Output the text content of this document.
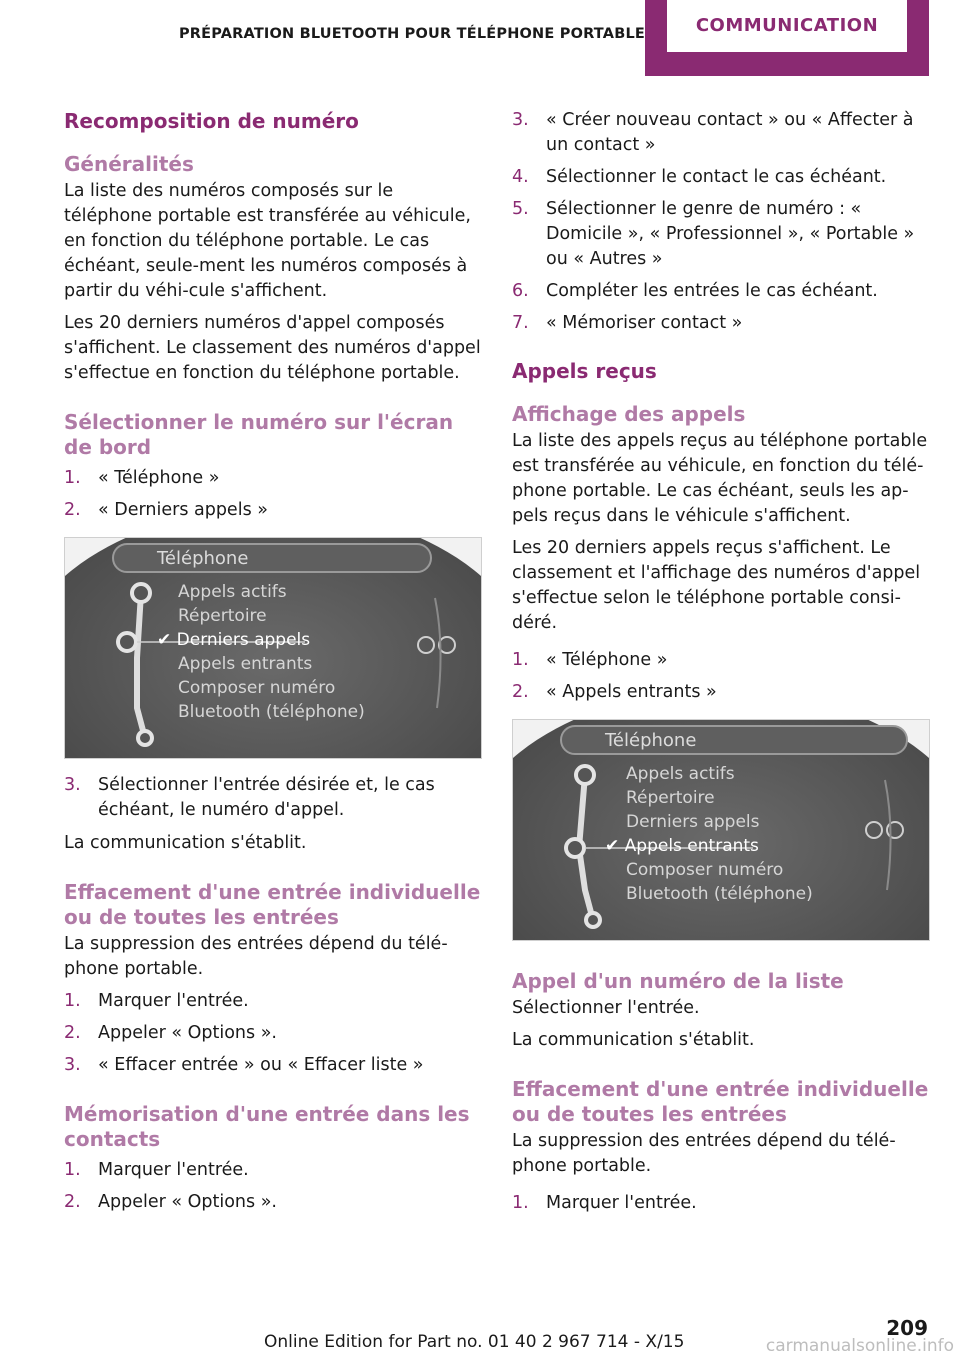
PRÉPARATION BLUETOOTH POUR TÉLÉPHONE PORTABLE	COMMUNICATION
Recomposition de numéro
Généralités

La liste des numéros composés sur le téléphone portable est transférée au véhicule, en fonction du téléphone portable. Le cas échéant, seule-ment les numéros composés à partir du véhi-cule s'affichent.

Les 20 derniers numéros d'appel composés s'affichent. Le classement des numéros d'appel s'effectue en fonction du téléphone portable.

Sélectionner le numéro sur l'écran de bord
1. « Téléphone »
2. « Derniers appels »
Téléphone
Appels actifs
Répertoire
✔ Derniers appels
Appels entrants
Composer numéro
Bluetooth (téléphone)
3. Sélectionner l'entrée désirée et, le cas échéant, le numéro d'appel.

La communication s'établit.

Effacement d'une entrée individuelle ou de toutes les entrées

La suppression des entrées dépend du télé-phone portable.

1. Marquer l'entrée.
2. Appeler « Options ».
3. « Effacer entrée » ou « Effacer liste »
Mémorisation d'une entrée dans les contacts
1. Marquer l'entrée.
2. Appeler « Options ».
3. « Créer nouveau contact » ou « Affecter à un contact »
4. Sélectionner le contact le cas échéant.
5. Sélectionner le genre de numéro : « Domicile », « Professionnel », « Portable » ou « Autres »
6. Compléter les entrées le cas échéant.
7. « Mémoriser contact »
Appels reçus
Affichage des appels

La liste des appels reçus au téléphone portable est transférée au véhicule, en fonction du télé-phone portable. Le cas échéant, seuls les ap-pels reçus dans le véhicule s'affichent.

Les 20 derniers appels reçus s'affichent. Le classement et l'affichage des numéros d'appel s'effectue selon le téléphone portable consi-déré.

1. « Téléphone »
2. « Appels entrants »
Téléphone
Appels actifs
Répertoire
Derniers appels
✔ Appels entrants
Composer numéro
Bluetooth (téléphone)
Appel d'un numéro de la liste

Sélectionner l'entrée.

La communication s'établit.

Effacement d'une entrée individuelle ou de toutes les entrées

La suppression des entrées dépend du télé-phone portable.

1. Marquer l'entrée.
Online Edition for Part no. 01 40 2 967 714 - X/15
209
carmanualsonline.info
